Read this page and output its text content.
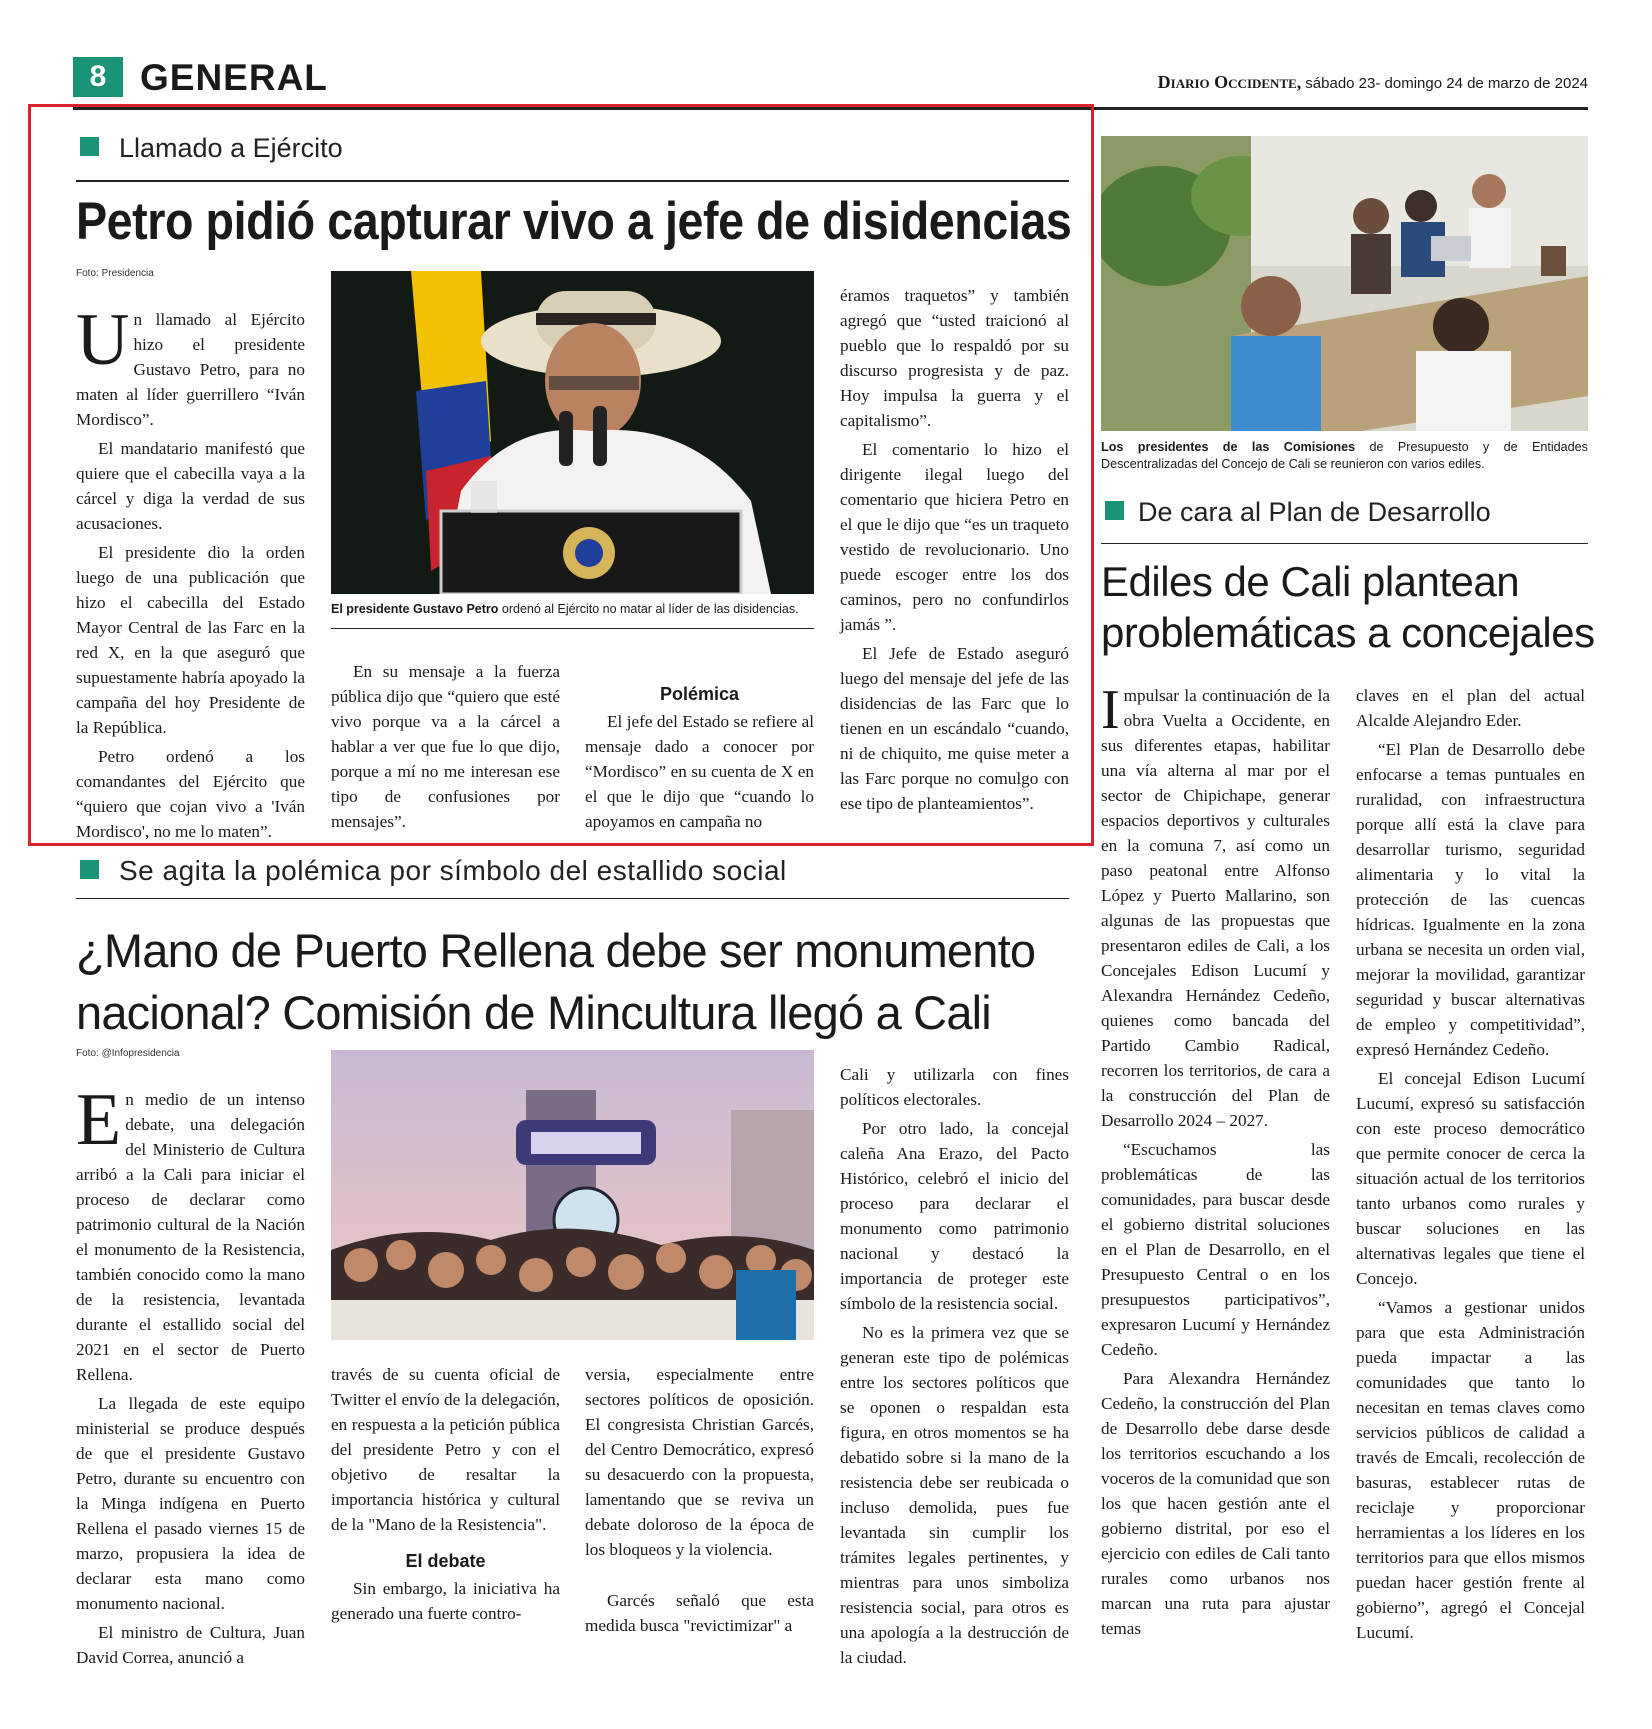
8 GENERAL	Diario Occidente, sábado 23- domingo 24 de marzo de 2024
Llamado a Ejército
Petro pidió capturar vivo a jefe de disidencias
Foto: Presidencia
El presidente Gustavo Petro ordenó al Ejército no matar al líder de las disidencias.

Un llamado al Ejército hizo el presidente Gustavo Petro, para no maten al líder guerrillero “Iván Mordisco”.

El mandatario manifestó que quiere que el cabecilla vaya a la cárcel y diga la verdad de sus acusaciones.

El presidente dio la orden luego de una publicación que hizo el cabecilla del Estado Mayor Central de las Farc en la red X, en la que aseguró que supuestamente habría apoyado la campaña del hoy Presidente de la República.

Petro ordenó a los comandantes del Ejército que “quiero que cojan vivo a 'Iván Mordisco', no me lo maten”.

En su mensaje a la fuerza pública dijo que “quiero que esté vivo porque va a la cárcel a hablar a ver que fue lo que dijo, porque a mí no me interesan ese tipo de confusiones por mensajes”.

Polémica

El jefe del Estado se refiere al mensaje dado a conocer por “Mordisco” en su cuenta de X en el que le dijo que “cuando lo apoyamos en campaña no

éramos traquetos” y también agregó que “usted traicionó al pueblo que lo respaldó por su discurso progresista y de paz. Hoy impulsa la guerra y el capitalismo”.

El comentario lo hizo el dirigente ilegal luego del comentario que hiciera Petro en el que le dijo que “es un traqueto vestido de revolucionario. Uno puede escoger entre los dos caminos, pero no confundirlos jamás ”.

El Jefe de Estado aseguró luego del mensaje del jefe de las disidencias de las Farc que lo tienen en un escándalo “cuando, ni de chiquito, me quise meter a las Farc porque no comulgo con ese tipo de planteamientos”.

Se agita la polémica por símbolo del estallido social
¿Mano de Puerto Rellena debe ser monumento nacional? Comisión de Mincultura llegó a Cali
Foto: @Infopresidencia

En medio de un intenso debate, una delegación del Ministerio de Cultura arribó a la Cali para iniciar el proceso de declarar como patrimonio cultural de la Nación el monumento de la Resistencia, también conocido como la mano de la resistencia, levantada durante el estallido social del 2021 en el sector de Puerto Rellena.

La llegada de este equipo ministerial se produce después de que el presidente Gustavo Petro, durante su encuentro con la Minga indígena en Puerto Rellena el pasado viernes 15 de marzo, propusiera la idea de declarar esta mano como monumento nacional.

El ministro de Cultura, Juan David Correa, anunció a

través de su cuenta oficial de Twitter el envío de la delegación, en respuesta a la petición pública del presidente Petro y con el objetivo de resaltar la importancia histórica y cultural de la "Mano de la Resistencia".

El debate

Sin embargo, la iniciativa ha generado una fuerte contro-

versia, especialmente entre sectores políticos de oposición. El congresista Christian Garcés, del Centro Democrático, expresó su desacuerdo con la propuesta, lamentando que se reviva un debate doloroso de la época de los bloqueos y la violencia.

Garcés señaló que esta medida busca "revictimizar" a

Cali y utilizarla con fines políticos electorales.

Por otro lado, la concejal caleña Ana Erazo, del Pacto Histórico, celebró el inicio del proceso para declarar el monumento como patrimonio nacional y destacó la importancia de proteger este símbolo de la resistencia social.

No es la primera vez que se generan este tipo de polémicas entre los sectores políticos que se oponen o respaldan esta figura, en otros momentos se ha debatido sobre si la mano de la resistencia debe ser reubicada o incluso demolida, pues fue levantada sin cumplir los trámites legales pertinentes, y mientras para unos simboliza resistencia social, para otros es una apología a la destrucción de la ciudad.

Los presidentes de las Comisiones de Presupuesto y de Entidades Descentralizadas del Concejo de Cali se reunieron con varios ediles.
De cara al Plan de Desarrollo
Ediles de Cali plantean problemáticas a concejales

Impulsar la continuación de la obra Vuelta a Occidente, en sus diferentes etapas, habilitar una vía alterna al mar por el sector de Chipichape, generar espacios deportivos y culturales en la comuna 7, así como un paso peatonal entre Alfonso López y Puerto Mallarino, son algunas de las propuestas que presentaron ediles de Cali, a los Concejales Edison Lucumí y Alexandra Hernández Cedeño, quienes como bancada del Partido Cambio Radical, recorren los territorios, de cara a la construcción del Plan de Desarrollo 2024 – 2027.

“Escuchamos las problemáticas de las comunidades, para buscar desde el gobierno distrital soluciones en el Plan de Desarrollo, en el Presupuesto Central o en los presupuestos participativos”, expresaron Lucumí y Hernández Cedeño.

Para Alexandra Hernández Cedeño, la construcción del Plan de Desarrollo debe darse desde los territorios escuchando a los voceros de la comunidad que son los que hacen gestión ante el gobierno distrital, por eso el ejercicio con ediles de Cali tanto rurales como urbanos nos marcan una ruta para ajustar temas

claves en el plan del actual Alcalde Alejandro Eder.

“El Plan de Desarrollo debe enfocarse a temas puntuales en ruralidad, con infraestructura porque allí está la clave para desarrollar turismo, seguridad alimentaria y lo vital la protección de las cuencas hídricas. Igualmente en la zona urbana se necesita un orden vial, mejorar la movilidad, garantizar seguridad y buscar alternativas de empleo y competitividad”, expresó Hernández Cedeño.

El concejal Edison Lucumí Lucumí, expresó su satisfacción con este proceso democrático que permite conocer de cerca la situación actual de los territorios tanto urbanos como rurales y buscar soluciones en las alternativas legales que tiene el Concejo.

“Vamos a gestionar unidos para que esta Administración pueda impactar a las comunidades que tanto lo necesitan en temas claves como servicios públicos de calidad a través de Emcali, recolección de basuras, establecer rutas de reciclaje y proporcionar herramientas a los líderes en los territorios para que ellos mismos puedan hacer gestión frente al gobierno”, agregó el Concejal Lucumí.
